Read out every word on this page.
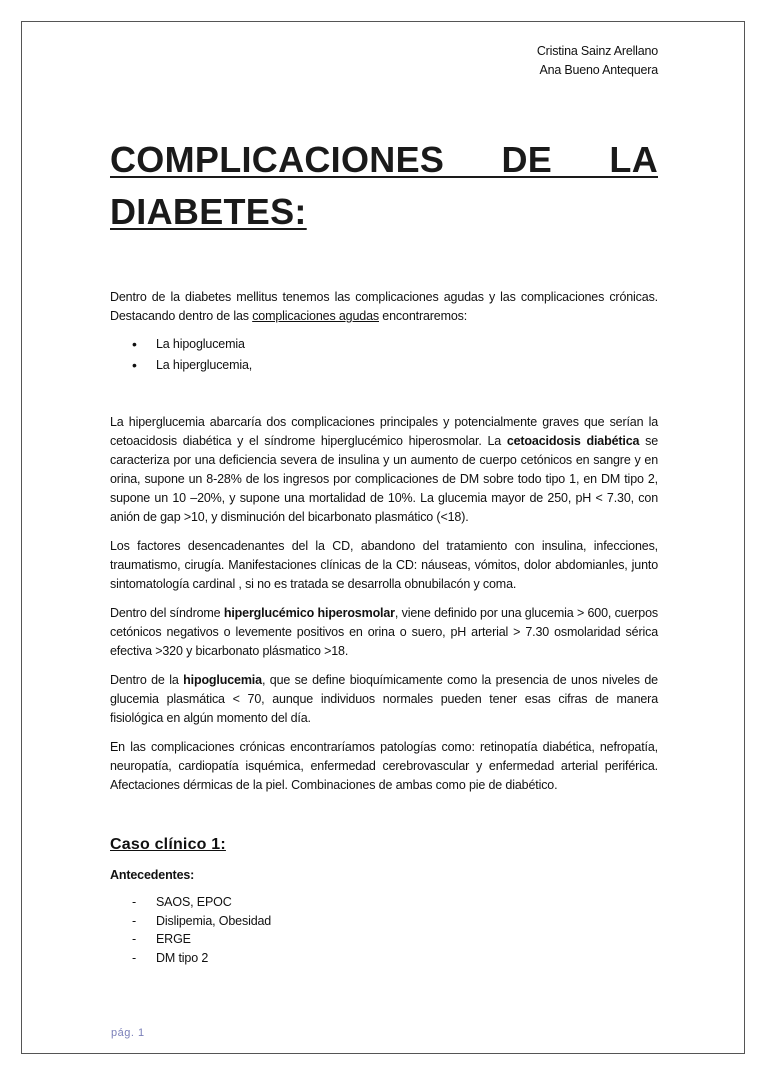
Cristina Sainz Arellano
Ana Bueno Antequera
COMPLICACIONES DE LA DIABETES:

Dentro de la diabetes mellitus tenemos las complicaciones agudas y las complicaciones crónicas. Destacando dentro de las complicaciones agudas encontraremos:

• La hipoglucemia
• La hiperglucemia,

La hiperglucemia abarcaría dos complicaciones principales y potencialmente graves que serían la cetoacidosis diabética y el síndrome hiperglucémico hiperosmolar. La cetoacidosis diabética se caracteriza por una deficiencia severa de insulina y un aumento de cuerpo cetónicos en sangre y en orina, supone un 8-28% de los ingresos por complicaciones de DM sobre todo tipo 1, en DM tipo 2, supone un 10 –20%, y supone una mortalidad de 10%. La glucemia mayor de 250, pH < 7.30, con anión de gap >10, y disminución del bicarbonato plasmático (<18).

Los factores desencadenantes del la CD, abandono del tratamiento con insulina, infecciones, traumatismo, cirugía. Manifestaciones clínicas de la CD: náuseas, vómitos, dolor abdomianles, junto sintomatología cardinal , si no es tratada se desarrolla obnubilacón y coma.

Dentro del síndrome hiperglucémico hiperosmolar, viene definido por una glucemia > 600, cuerpos cetónicos negativos o levemente positivos en orina o suero, pH arterial > 7.30 osmolaridad sérica efectiva >320 y bicarbonato plásmatico >18.

Dentro de la hipoglucemia, que se define bioquímicamente como la presencia de unos niveles de glucemia plasmática < 70, aunque individuos normales pueden tener esas cifras de manera fisiológica en algún momento del día.

En las complicaciones crónicas encontraríamos patologías como: retinopatía diabética, nefropatía, neuropatía, cardiopatía isquémica, enfermedad cerebrovascular y enfermedad arterial periférica. Afectaciones dérmicas de la piel. Combinaciones de ambas como pie de diabético.

Caso clínico 1:
Antecedentes:
- SAOS, EPOC
- Dislipemia, Obesidad
- ERGE
- DM tipo 2
pág. 1
